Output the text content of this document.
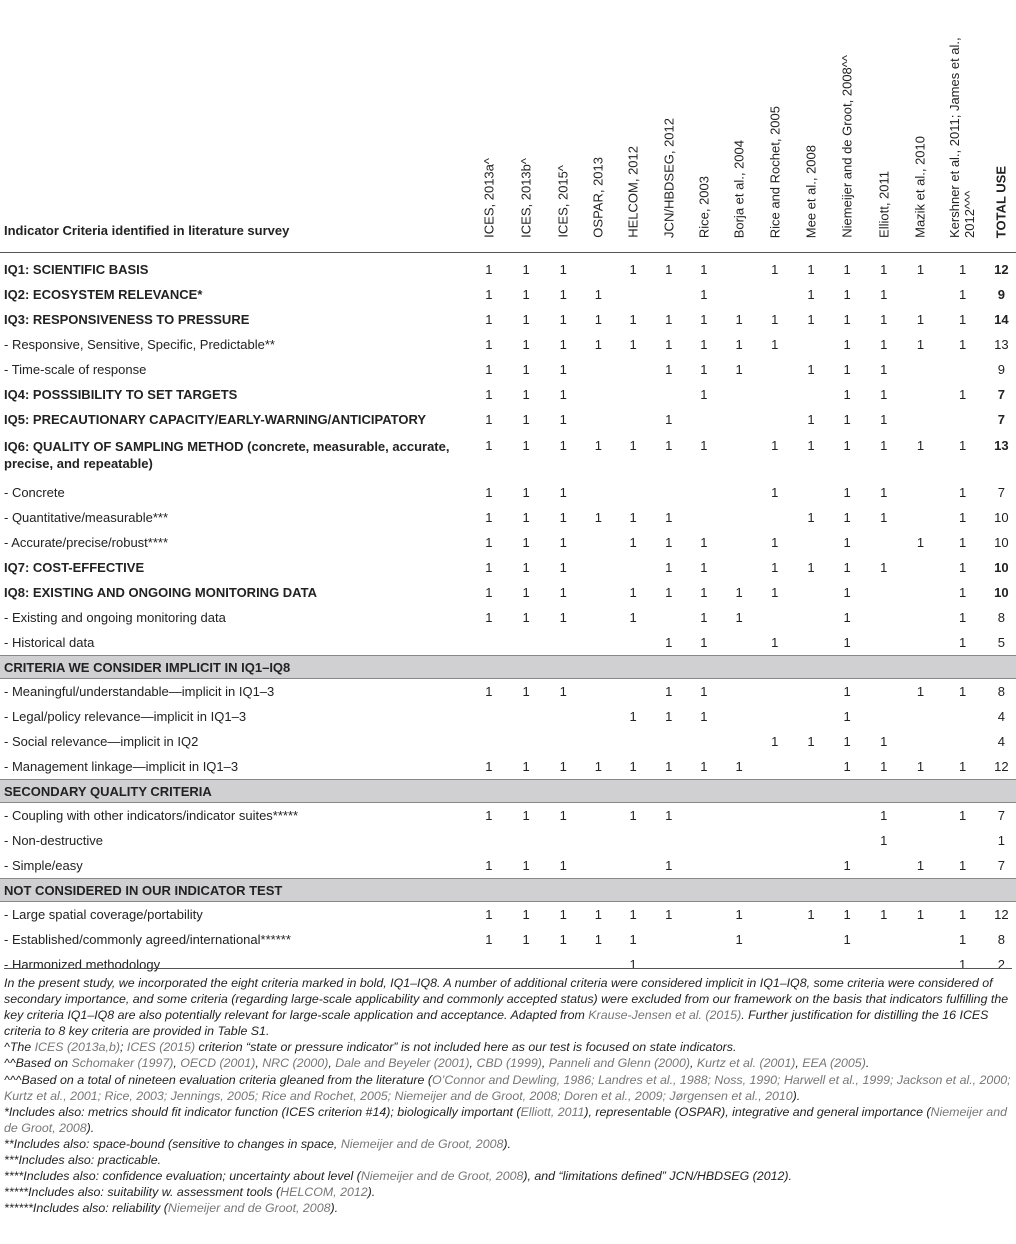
Indicator Criteria identified in literature survey	ICES, 2013a^	ICES, 2013b^	ICES, 2015^	OSPAR, 2013	HELCOM, 2012	JCN/HBDSEG, 2012	Rice, 2003	Borja et al., 2004	Rice and Rochet, 2005	Mee et al., 2008	Niemeijer and de Groot, 2008^^	Elliott, 2011	Mazik et al., 2010	Kershner et al., 2011; James et al., 2012^^^	TOTAL USE

IQ1: SCIENTIFIC BASIS	1	1	1		1	1	1		1	1	1	1	1	1	12
IQ2: ECOSYSTEM RELEVANCE*	1	1	1	1			1			1	1	1		1	9
IQ3: RESPONSIVENESS TO PRESSURE	1	1	1	1	1	1	1	1	1	1	1	1	1	1	14
- Responsive, Sensitive, Specific, Predictable**	1	1	1	1	1	1	1	1	1		1	1	1	1	13
- Time-scale of response	1	1	1			1	1	1		1	1	1			9
IQ4: POSSSIBILITY TO SET TARGETS	1	1	1				1				1	1		1	7
IQ5: PRECAUTIONARY CAPACITY/EARLY-WARNING/ANTICIPATORY	1	1	1			1				1	1	1			7
IQ6: QUALITY OF SAMPLING METHOD (concrete, measurable, accurate, precise, and repeatable)	1	1	1	1	1	1	1		1	1	1	1	1	1	13
- Concrete	1	1	1						1		1	1		1	7
- Quantitative/measurable***	1	1	1	1	1	1				1	1	1		1	10
- Accurate/precise/robust****	1	1	1		1	1	1		1		1		1	1	10
IQ7: COST-EFFECTIVE	1	1	1			1	1		1	1	1	1		1	10
IQ8: EXISTING AND ONGOING MONITORING DATA	1	1	1		1	1	1	1	1		1			1	10
- Existing and ongoing monitoring data	1	1	1		1		1	1			1			1	8
- Historical data						1	1		1		1			1	5
CRITERIA WE CONSIDER IMPLICIT IN IQ1–IQ8															
- Meaningful/understandable—implicit in IQ1–3	1	1	1			1	1				1		1	1	8
- Legal/policy relevance—implicit in IQ1–3					1	1	1				1				4
- Social relevance—implicit in IQ2									1	1	1	1			4
- Management linkage—implicit in IQ1–3	1	1	1	1	1	1	1	1			1	1	1	1	12
SECONDARY QUALITY CRITERIA															
- Coupling with other indicators/indicator suites*****	1	1	1		1	1						1		1	7
- Non-destructive												1			1
- Simple/easy	1	1	1			1					1		1	1	7
NOT CONSIDERED IN OUR INDICATOR TEST															
- Large spatial coverage/portability	1	1	1	1	1	1		1		1	1	1	1	1	12
- Established/commonly agreed/international******	1	1	1	1	1			1			1			1	8
- Harmonized methodology					1									1	2

In the present study, we incorporated the eight criteria marked in bold, IQ1–IQ8. A number of additional criteria were considered implicit in IQ1–IQ8, some criteria were considered of secondary importance, and some criteria (regarding large-scale applicability and commonly accepted status) were excluded from our framework on the basis that indicators fulfilling the key criteria IQ1–IQ8 are also potentially relevant for large-scale application and acceptance. Adapted from Krause-Jensen et al. (2015). Further justification for distilling the 16 ICES criteria to 8 key criteria are provided in Table S1.

^The ICES (2013a,b); ICES (2015) criterion “state or pressure indicator” is not included here as our test is focused on state indicators.

^^Based on Schomaker (1997), OECD (2001), NRC (2000), Dale and Beyeler (2001), CBD (1999), Panneli and Glenn (2000), Kurtz et al. (2001), EEA (2005).

^^^Based on a total of nineteen evaluation criteria gleaned from the literature (O’Connor and Dewling, 1986; Landres et al., 1988; Noss, 1990; Harwell et al., 1999; Jackson et al., 2000; Kurtz et al., 2001; Rice, 2003; Jennings, 2005; Rice and Rochet, 2005; Niemeijer and de Groot, 2008; Doren et al., 2009; Jørgensen et al., 2010).

*Includes also: metrics should fit indicator function (ICES criterion #14); biologically important (Elliott, 2011), representable (OSPAR), integrative and general importance (Niemeijer and de Groot, 2008).

**Includes also: space-bound (sensitive to changes in space, Niemeijer and de Groot, 2008).

***Includes also: practicable.

****Includes also: confidence evaluation; uncertainty about level (Niemeijer and de Groot, 2008), and “limitations defined” JCN/HBDSEG (2012).

*****Includes also: suitability w. assessment tools (HELCOM, 2012).

******Includes also: reliability (Niemeijer and de Groot, 2008).
